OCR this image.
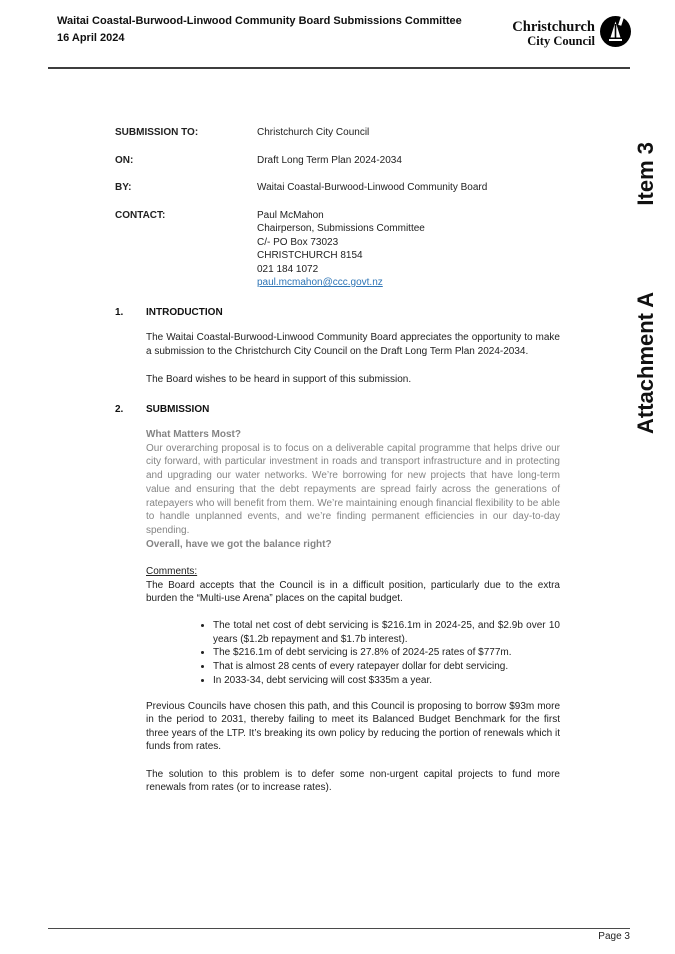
Waitai Coastal-Burwood-Linwood Community Board Submissions Committee
16 April 2024
Christchurch
City Council
Attachment A
Item 3
SUBMISSION TO:	Christchurch City Council
ON:	Draft Long Term Plan 2024-2034
BY:	Waitai Coastal-Burwood-Linwood Community Board
CONTACT:	Paul McMahon
Chairperson, Submissions Committee
C/- PO Box 73023
CHRISTCHURCH 8154
021 184 1072
paul.mcmahon@ccc.govt.nz
1.	INTRODUCTION

The Waitai Coastal-Burwood-Linwood Community Board appreciates the opportunity to make a submission to the Christchurch City Council on the Draft Long Term Plan 2024-2034.

The Board wishes to be heard in support of this submission.

2.	SUBMISSION
What Matters Most?
Our overarching proposal is to focus on a deliverable capital programme that helps drive our city forward, with particular investment in roads and transport infrastructure and in protecting and upgrading our water networks. We’re borrowing for new projects that have long-term value and ensuring that the debt repayments are spread fairly across the generations of ratepayers who will benefit from them. We’re maintaining enough financial flexibility to be able to handle unplanned events, and we’re finding permanent efficiencies in our day-to-day spending.
Overall, have we got the balance right?

Comments:

The Board accepts that the Council is in a difficult position, particularly due to the extra burden the “Multi-use Arena” places on the capital budget.

• The total net cost of debt servicing is $216.1m in 2024-25, and $2.9b over 10 years ($1.2b repayment and $1.7b interest).
• The $216.1m of debt servicing is 27.8% of 2024-25 rates of $777m.
• That is almost 28 cents of every ratepayer dollar for debt servicing.
• In 2033-34, debt servicing will cost $335m a year.

Previous Councils have chosen this path, and this Council is proposing to borrow $93m more in the period to 2031, thereby failing to meet its Balanced Budget Benchmark for the first three years of the LTP. It’s breaking its own policy by reducing the portion of renewals which it funds from rates.

The solution to this problem is to defer some non-urgent capital projects to fund more renewals from rates (or to increase rates).

Page 3
